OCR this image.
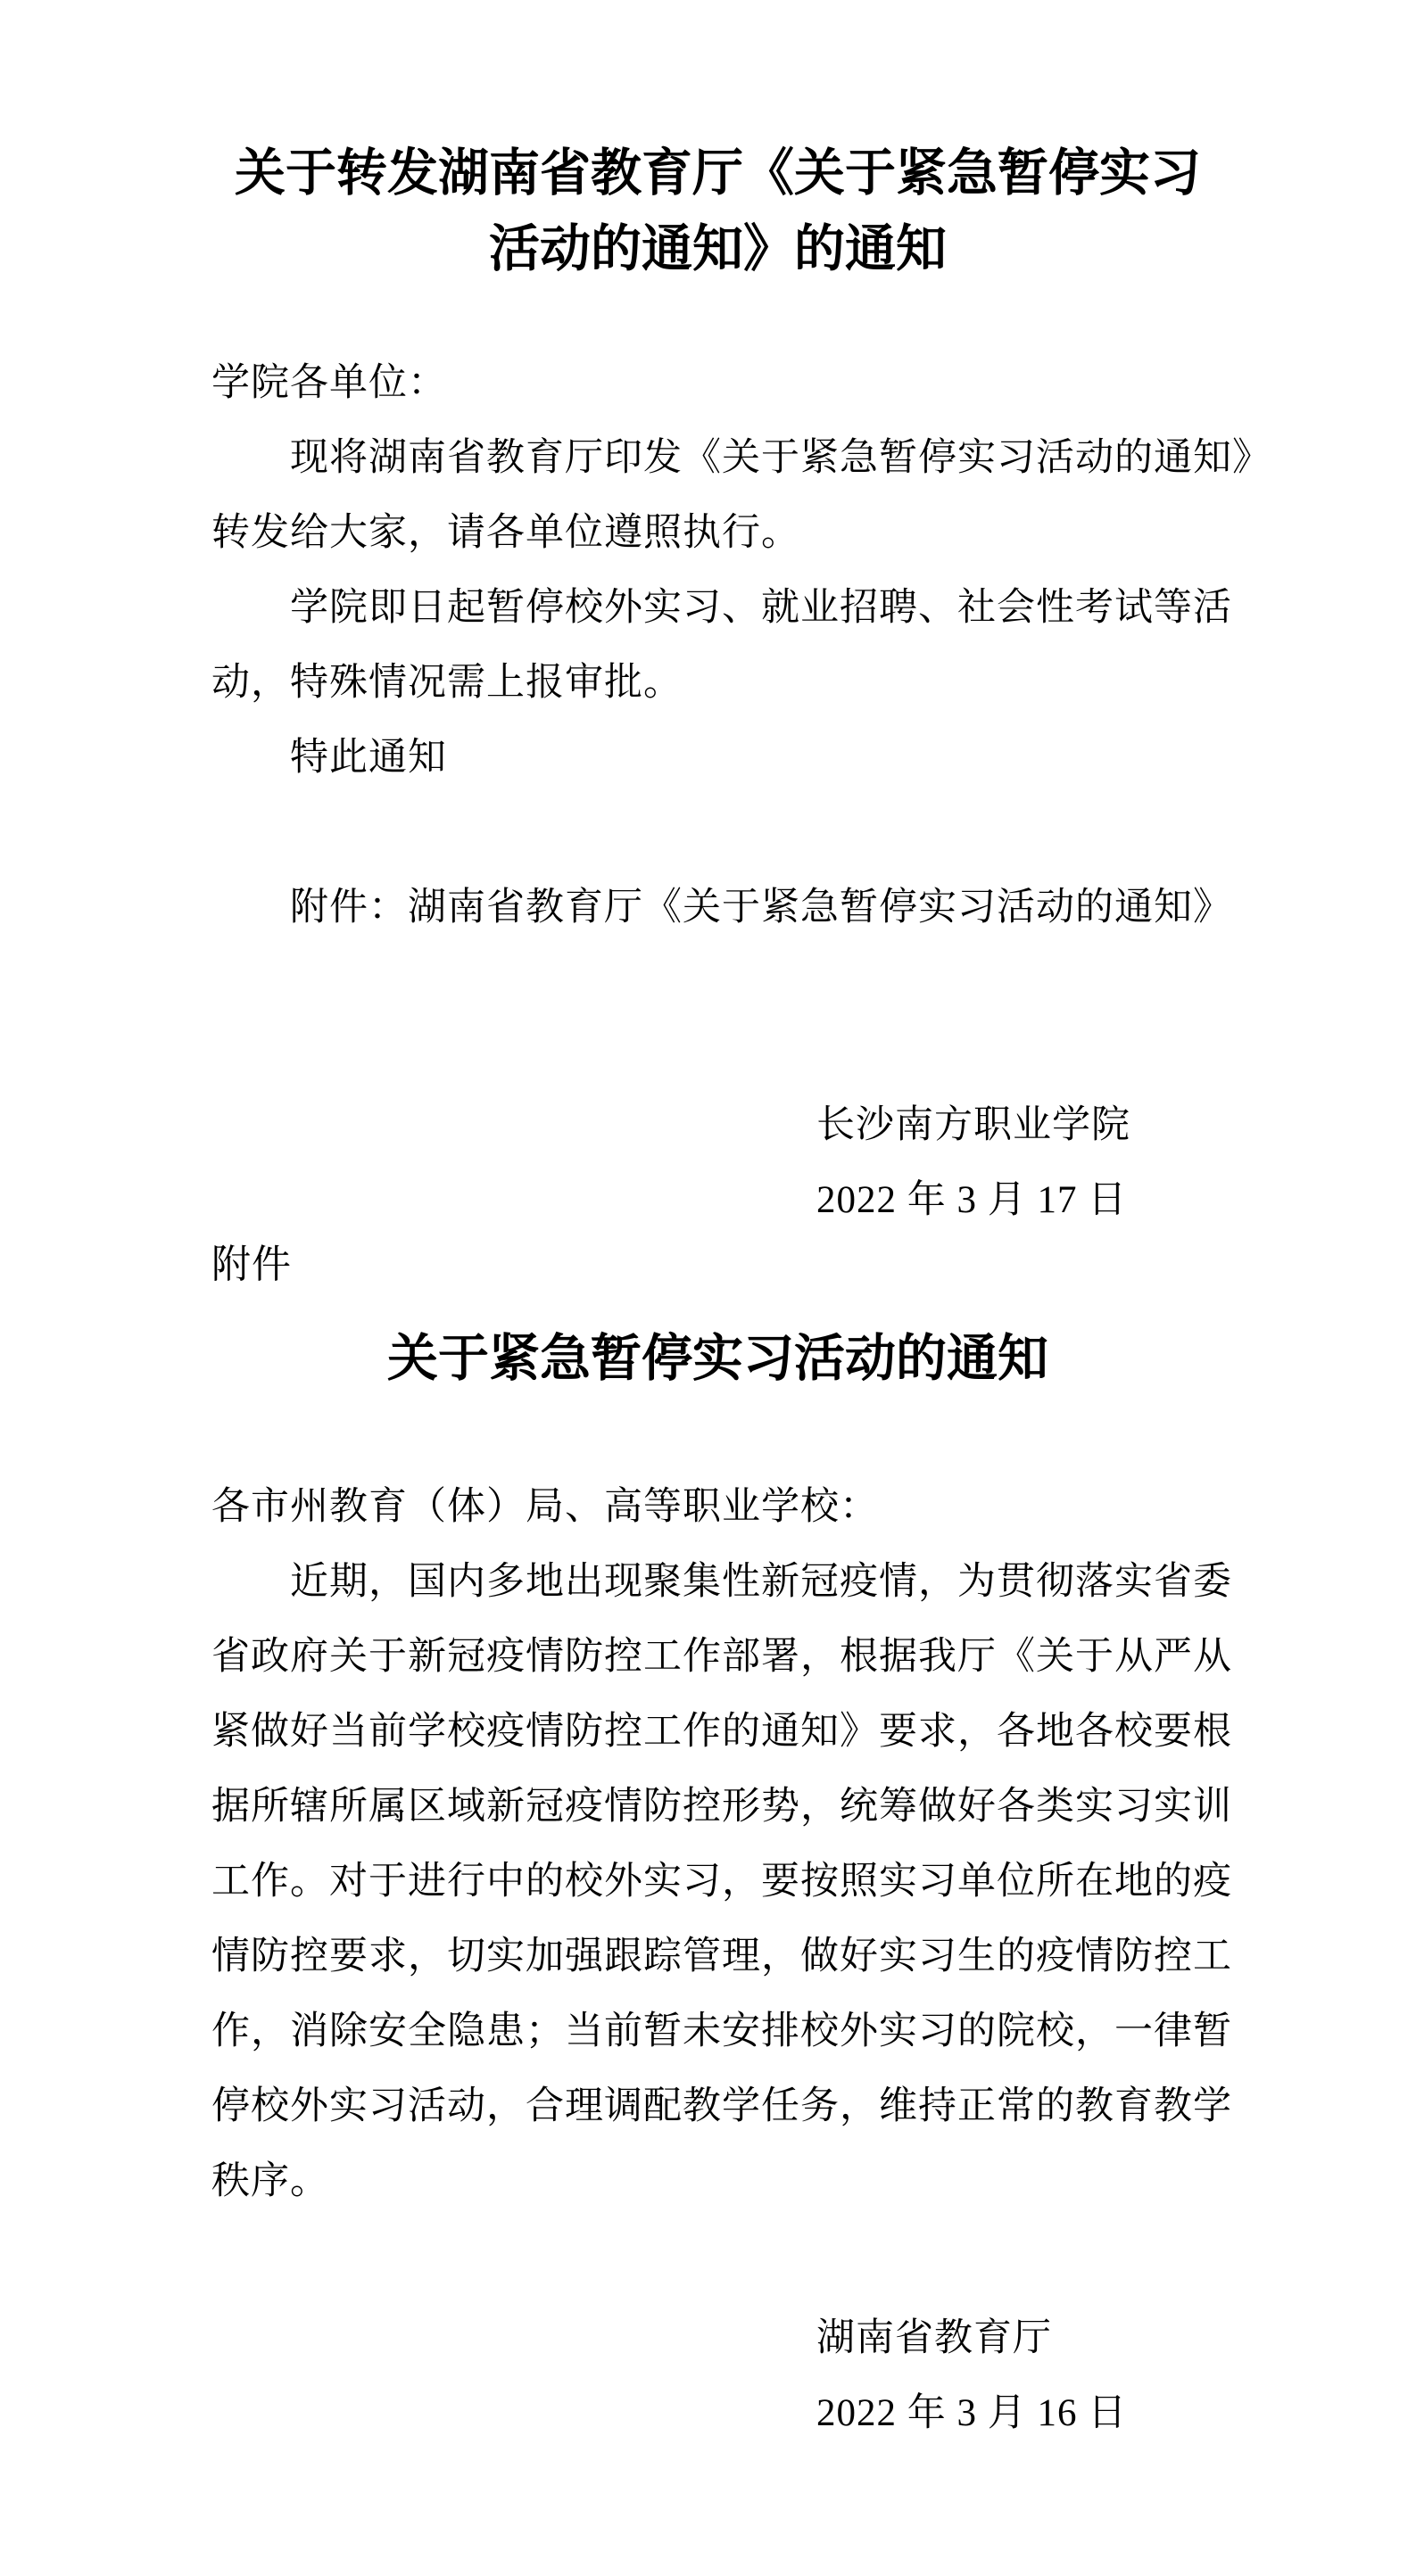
关于转发湖南省教育厅《关于紧急暂停实习
活动的通知》的通知
学院各单位：
现将湖南省教育厅印发《关于紧急暂停实习活动的通知》
转发给大家，请各单位遵照执行。
学院即日起暂停校外实习、就业招聘、社会性考试等活
动，特殊情况需上报审批。
特此通知
附件：湖南省教育厅《关于紧急暂停实习活动的通知》
长沙南方职业学院
2022 年 3 月 17 日
附件
关于紧急暂停实习活动的通知
各市州教育（体）局、高等职业学校：
近期，国内多地出现聚集性新冠疫情，为贯彻落实省委
省政府关于新冠疫情防控工作部署，根据我厅《关于从严从
紧做好当前学校疫情防控工作的通知》要求，各地各校要根
据所辖所属区域新冠疫情防控形势，统筹做好各类实习实训
工作。对于进行中的校外实习，要按照实习单位所在地的疫
情防控要求，切实加强跟踪管理，做好实习生的疫情防控工
作，消除安全隐患；当前暂未安排校外实习的院校，一律暂
停校外实习活动，合理调配教学任务，维持正常的教育教学
秩序。
湖南省教育厅
2022 年 3 月 16 日
